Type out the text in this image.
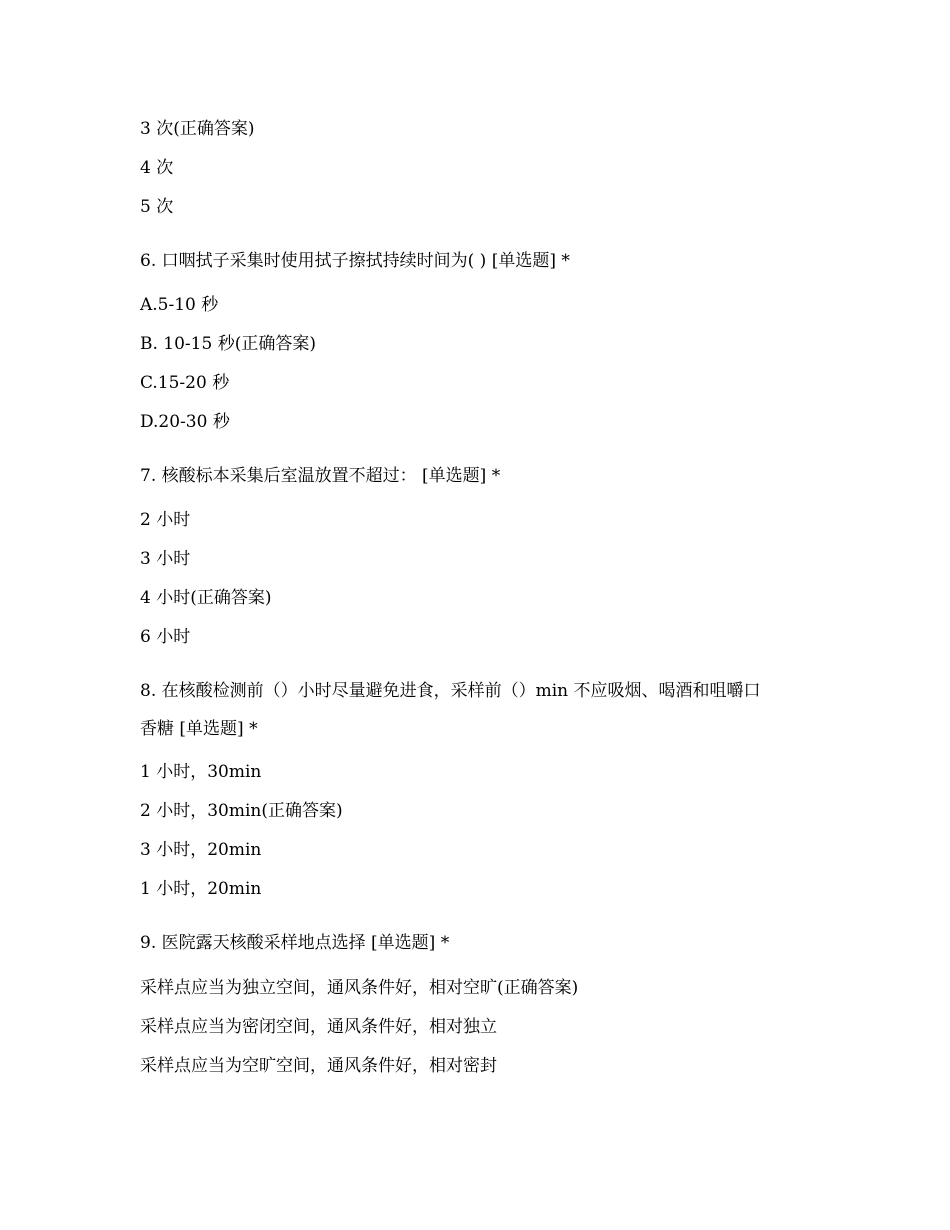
3 次(正确答案)
4 次
5 次
6. 口咽拭子采集时使用拭子擦拭持续时间为( ) [单选题] *
A.5-10 秒
B. 10-15 秒(正确答案)
C.15-20 秒
D.20-30 秒
7. 核酸标本采集后室温放置不超过： [单选题] *
2 小时
3 小时
4 小时(正确答案)
6 小时
8. 在核酸检测前（）小时尽量避免进食，采样前（）min 不应吸烟、喝酒和咀嚼口
香糖 [单选题] *
1 小时，30min
2 小时，30min(正确答案)
3 小时，20min
1 小时，20min
9. 医院露天核酸采样地点选择 [单选题] *
采样点应当为独立空间，通风条件好，相对空旷(正确答案)
采样点应当为密闭空间，通风条件好，相对独立
采样点应当为空旷空间，通风条件好，相对密封
